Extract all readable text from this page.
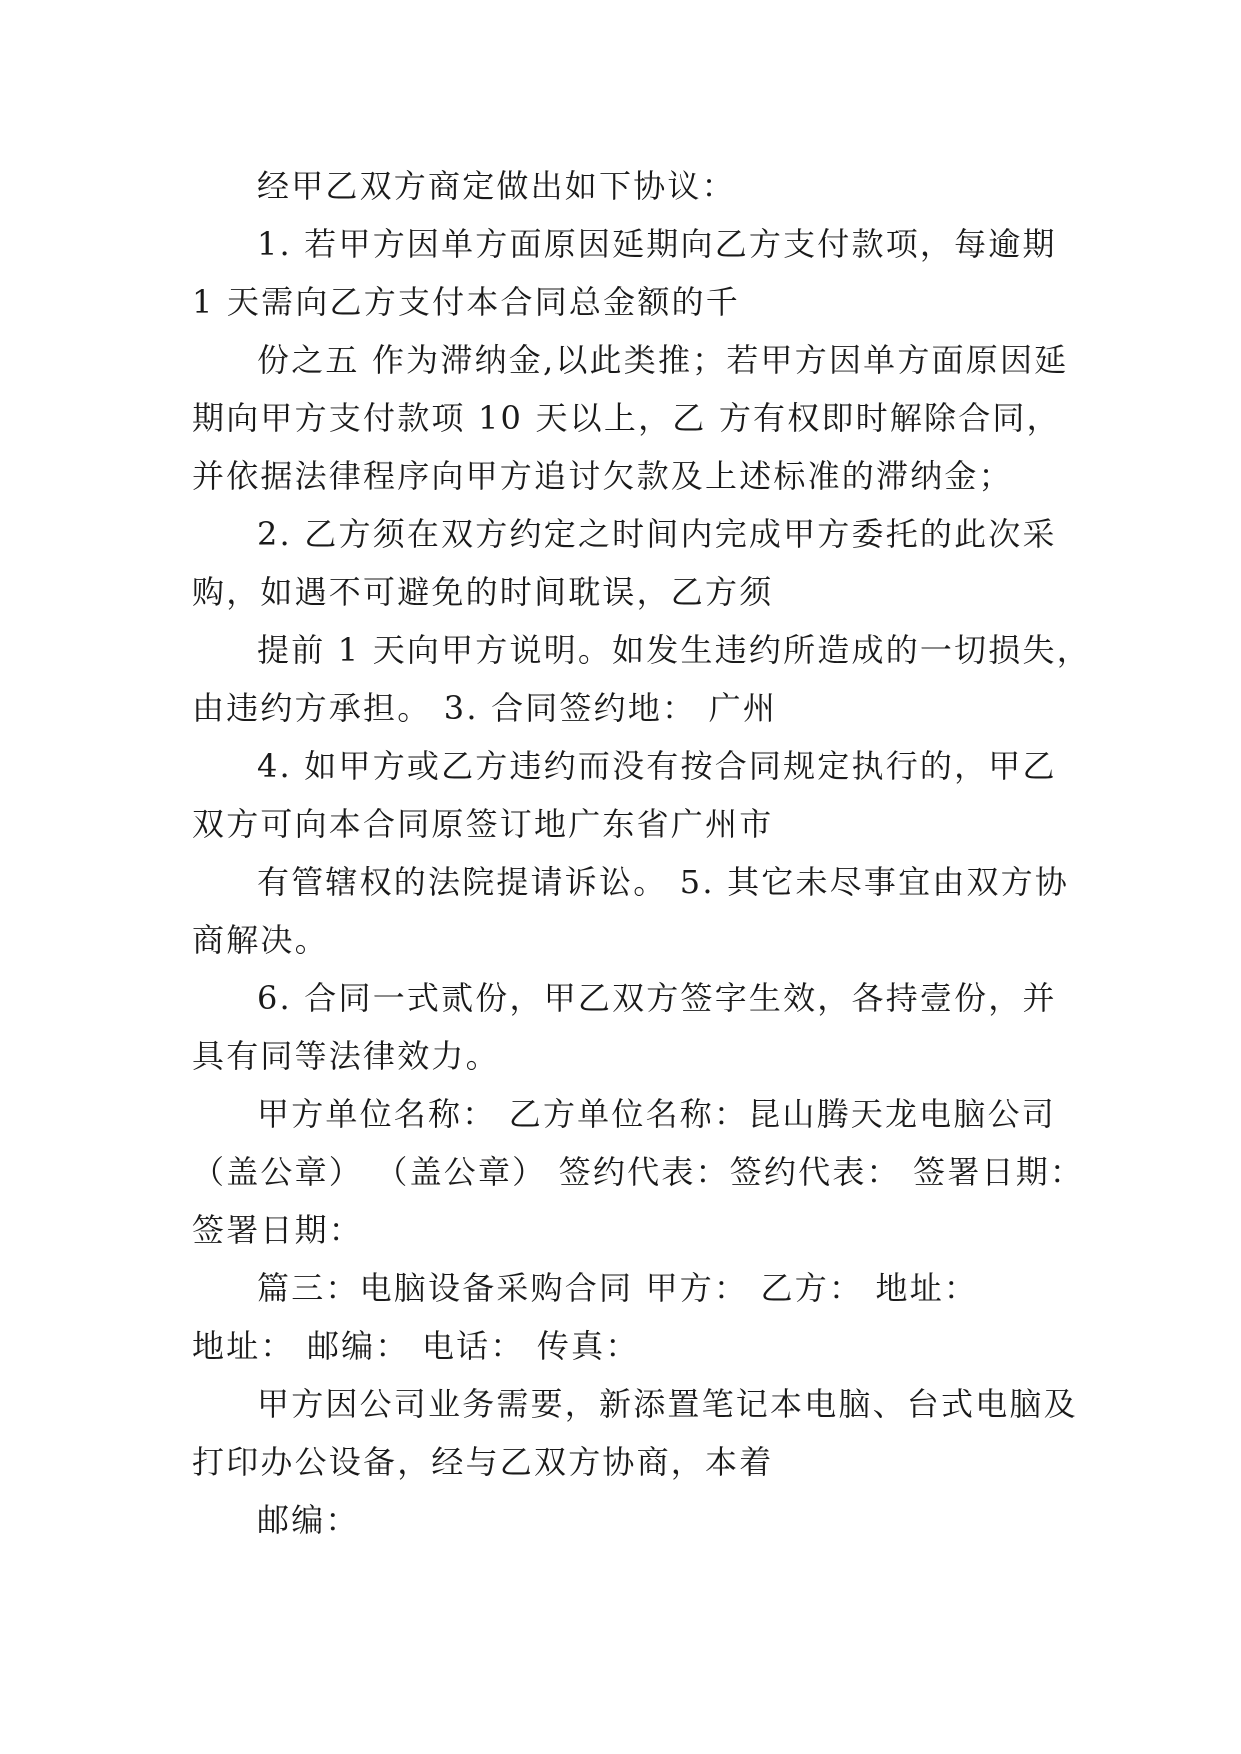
经甲乙双方商定做出如下协议：
1. 若甲方因单方面原因延期向乙方支付款项，每逾期
1 天需向乙方支付本合同总金额的千
份之五 作为滞纳金,以此类推；若甲方因单方面原因延
期向甲方支付款项 10 天以上，乙 方有权即时解除合同，
并依据法律程序向甲方追讨欠款及上述标准的滞纳金；
2. 乙方须在双方约定之时间内完成甲方委托的此次采
购，如遇不可避免的时间耽误，乙方须
提前 1 天向甲方说明。如发生违约所造成的一切损失，
由违约方承担。 3. 合同签约地： 广州
4. 如甲方或乙方违约而没有按合同规定执行的，甲乙
双方可向本合同原签订地广东省广州市
有管辖权的法院提请诉讼。 5. 其它未尽事宜由双方协
商解决。
6. 合同一式贰份，甲乙双方签字生效，各持壹份，并
具有同等法律效力。
甲方单位名称： 乙方单位名称：昆山腾天龙电脑公司
（盖公章） （盖公章） 签约代表：签约代表： 签署日期：
签署日期：
篇三：电脑设备采购合同 甲方： 乙方： 地址：
地址： 邮编： 电话： 传真：
甲方因公司业务需要，新添置笔记本电脑、台式电脑及
打印办公设备，经与乙双方协商，本着
邮编：
